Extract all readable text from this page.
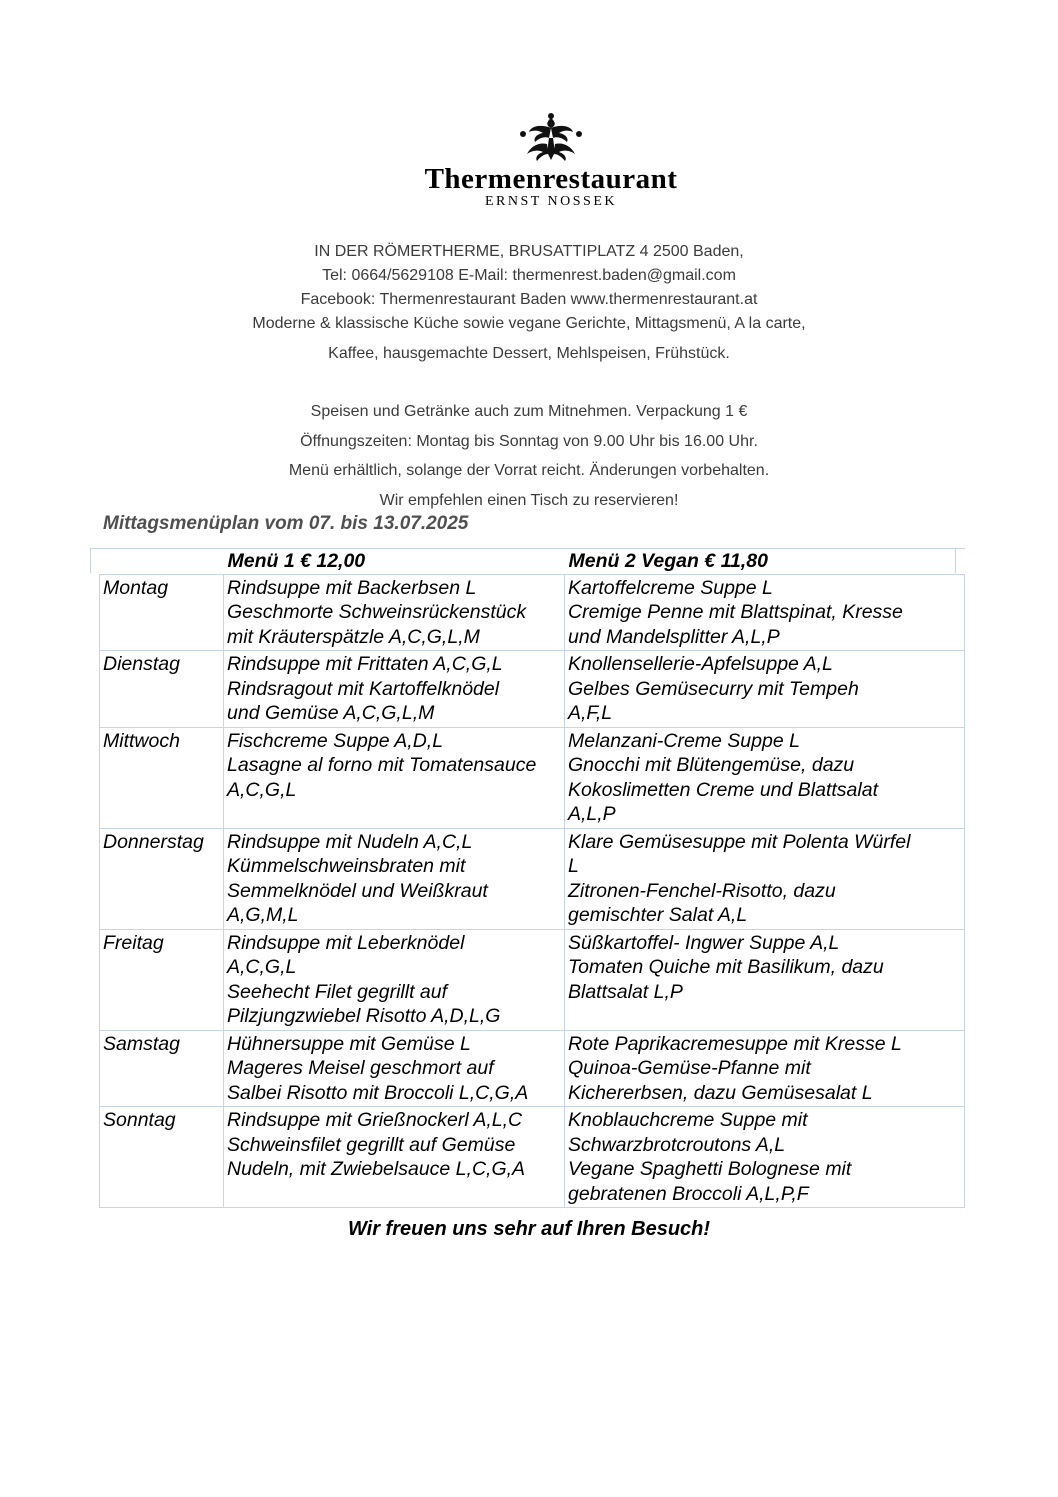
Thermenrestaurant
ERNST NOSSEK
IN DER RÖMERTHERME, BRUSATTIPLATZ 4 2500 Baden,
Tel: 0664/5629108 E-Mail: thermenrest.baden@gmail.com
Facebook: Thermenrestaurant Baden www.thermenrestaurant.at
Moderne & klassische Küche sowie vegane Gerichte, Mittagsmenü, A la carte,
Kaffee, hausgemachte Dessert, Mehlspeisen, Frühstück.
Speisen und Getränke auch zum Mitnehmen. Verpackung 1 €
Öffnungszeiten: Montag bis Sonntag von 9.00 Uhr bis 16.00 Uhr.
Menü erhältlich, solange der Vorrat reicht. Änderungen vorbehalten.
Wir empfehlen einen Tisch zu reservieren!
Mittagsmenüplan vom 07. bis 13.07.2025
	Menü 1 € 12,00	Menü 2 Vegan € 11,80
Montag	Rindsuppe mit Backerbsen L
Geschmorte Schweinsrückenstück
mit Kräuterspätzle A,C,G,L,M	Kartoffelcreme Suppe L
Cremige Penne mit Blattspinat, Kresse
und Mandelsplitter A,L,P
Dienstag	Rindsuppe mit Frittaten A,C,G,L
Rindsragout mit Kartoffelknödel
und Gemüse A,C,G,L,M	Knollensellerie-Apfelsuppe A,L
Gelbes Gemüsecurry mit Tempeh
A,F,L
Mittwoch	Fischcreme Suppe A,D,L
Lasagne al forno mit Tomatensauce
A,C,G,L	Melanzani-Creme Suppe L
Gnocchi mit Blütengemüse, dazu
Kokoslimetten Creme und Blattsalat
A,L,P
Donnerstag	Rindsuppe mit Nudeln A,C,L
Kümmelschweinsbraten mit
Semmelknödel und Weißkraut
A,G,M,L	Klare Gemüsesuppe mit Polenta Würfel
L
Zitronen-Fenchel-Risotto, dazu
gemischter Salat A,L
Freitag	Rindsuppe mit Leberknödel
A,C,G,L
Seehecht Filet gegrillt auf
Pilzjungzwiebel Risotto A,D,L,G	Süßkartoffel- Ingwer Suppe A,L
Tomaten Quiche mit Basilikum, dazu
Blattsalat L,P
Samstag	Hühnersuppe mit Gemüse L
Mageres Meisel geschmort auf
Salbei Risotto mit Broccoli L,C,G,A	Rote Paprikacremesuppe mit Kresse L
Quinoa-Gemüse-Pfanne mit
Kichererbsen, dazu Gemüsesalat L
Sonntag	Rindsuppe mit Grießnockerl A,L,C
Schweinsfilet gegrillt auf Gemüse
Nudeln, mit Zwiebelsauce L,C,G,A	Knoblauchcreme Suppe mit
Schwarzbrotcroutons A,L
Vegane Spaghetti Bolognese mit
gebratenen Broccoli A,L,P,F
Wir freuen uns sehr auf Ihren Besuch!
